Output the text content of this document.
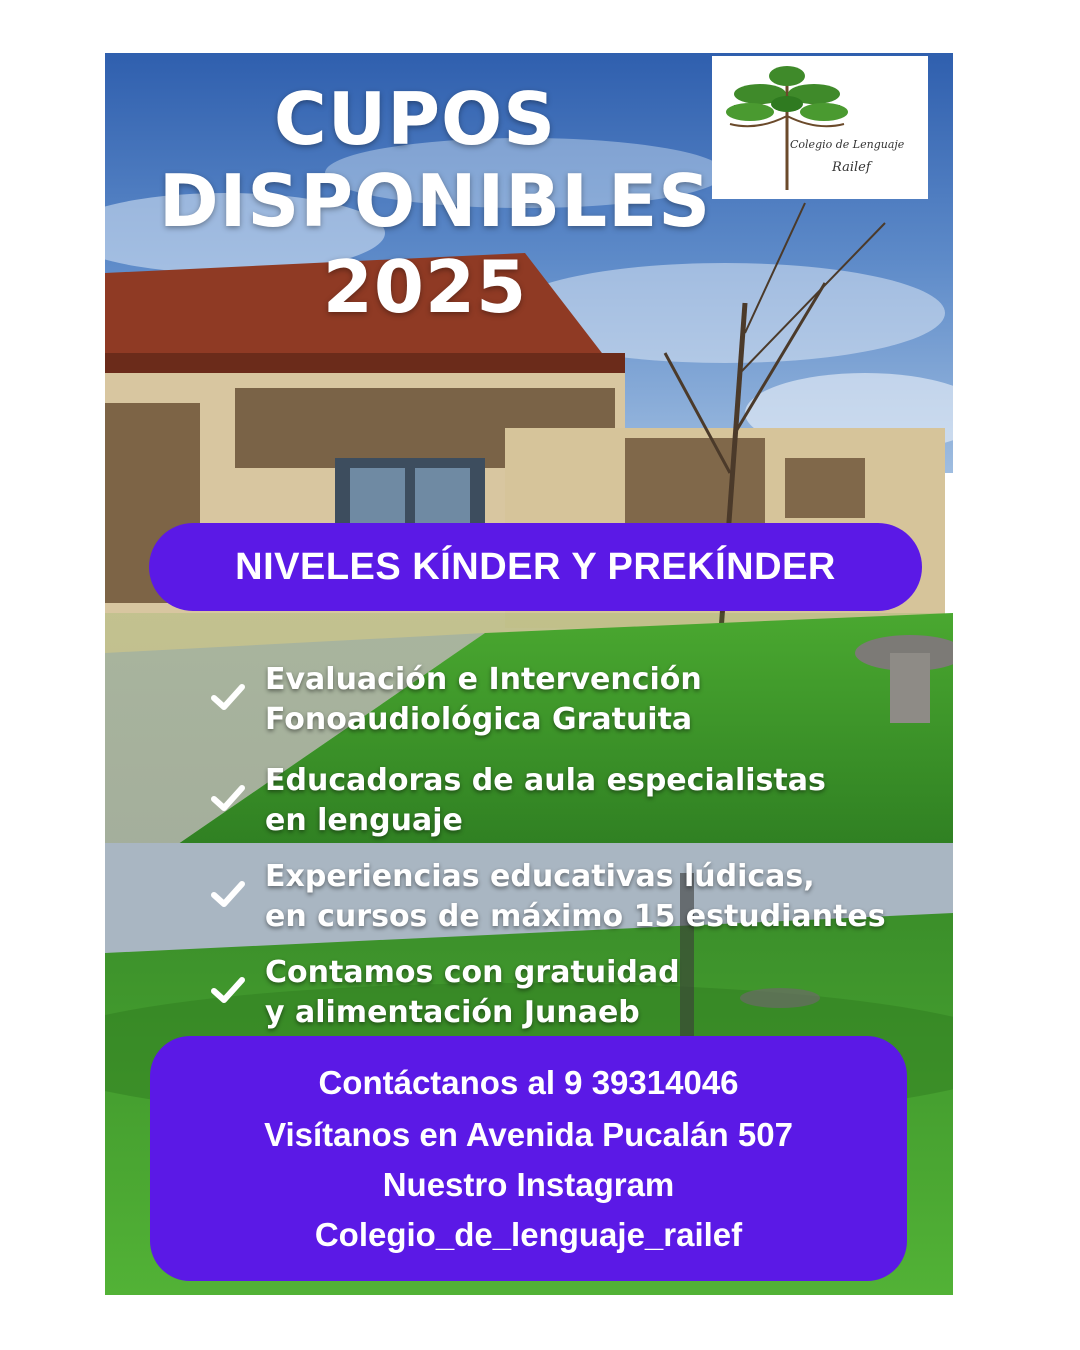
CUPOS
DISPONIBLES
2025
Colegio de Lenguaje
Railef
NIVELES KÍNDER Y PREKÍNDER
Evaluación e Intervención
Fonoaudiológica Gratuita
Educadoras de aula especialistas
en lenguaje
Experiencias educativas lúdicas,
en cursos de máximo 15 estudiantes
Contamos con gratuidad
y alimentación Junaeb
Contáctanos al 9 39314046
Visítanos en Avenida Pucalán 507
Nuestro Instagram
Colegio_de_lenguaje_railef
